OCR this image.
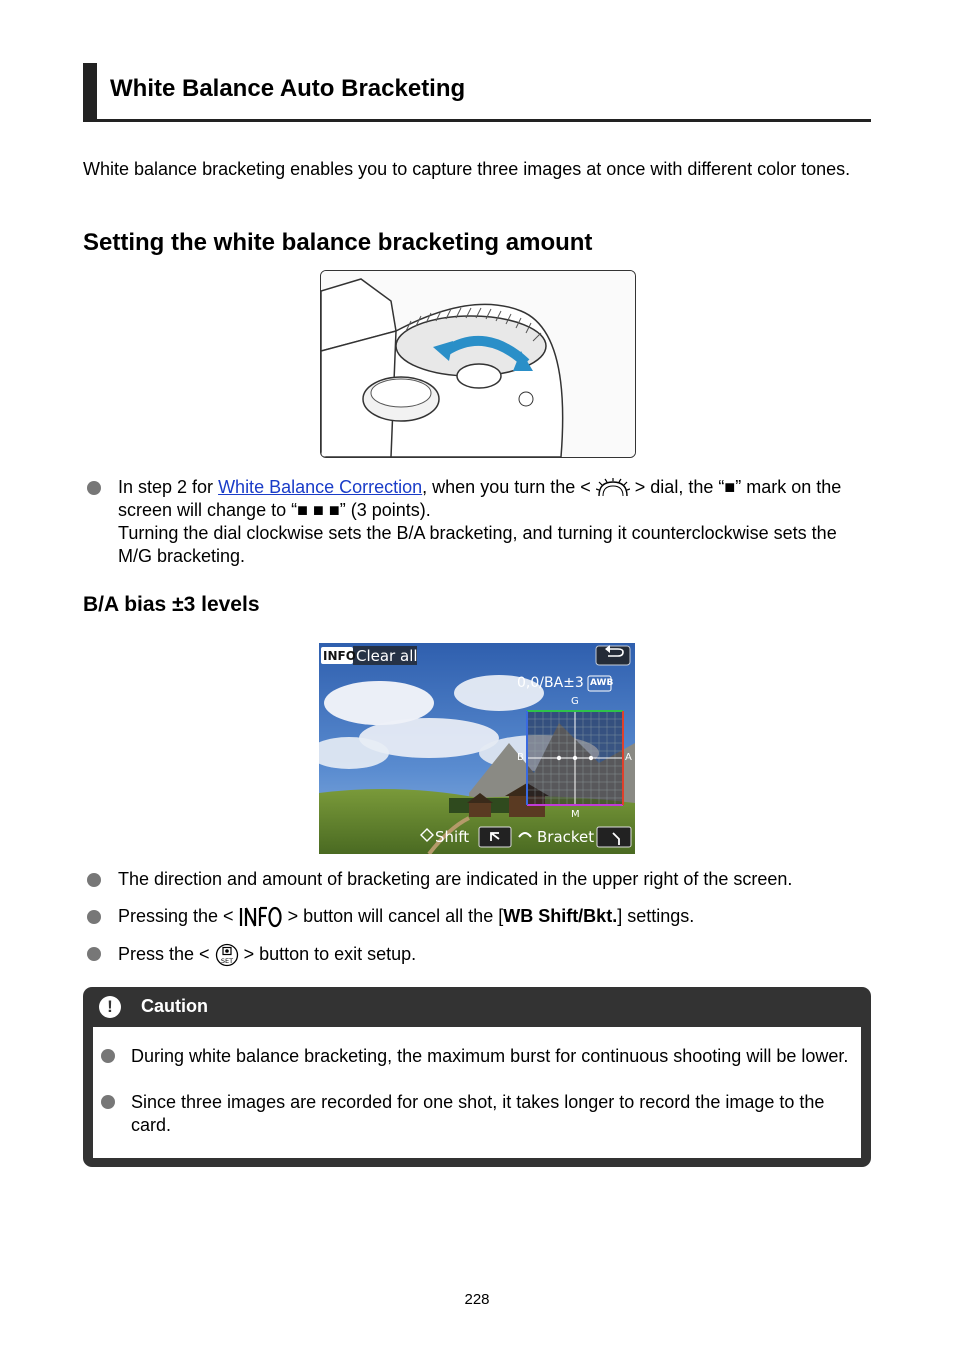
White Balance Auto Bracketing
White balance bracketing enables you to capture three images at once with different color tones.
Setting the white balance bracketing amount
In step 2 for White Balance Correction, when you turn the <  > dial, the “■” mark on the screen will change to “■ ■ ■” (3 points).
Turning the dial clockwise sets the B/A bracketing, and turning it counterclockwise sets the M/G bracketing.
B/A bias ±3 levels
INFO Clear all
0,0/BA±3 AWB
G
B	A
M
Shift	Bracket
The direction and amount of bracketing are indicated in the upper right of the screen.
Pressing the <  > button will cancel all the [WB Shift/Bkt.] settings.
Press the < SET > button to exit setup.
!	Caution
During white balance bracketing, the maximum burst for continuous shooting will be lower.
Since three images are recorded for one shot, it takes longer to record the image to the card.
228
